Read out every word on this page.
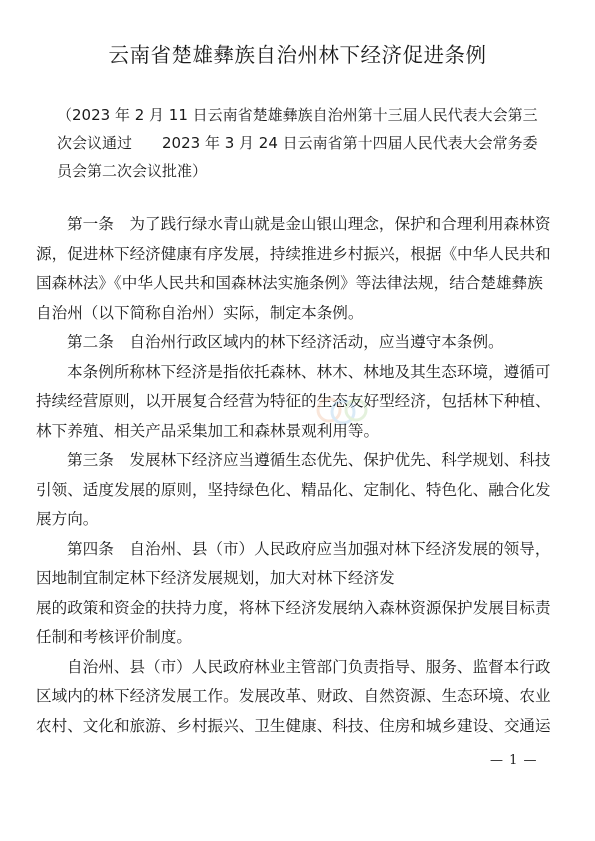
云南省楚雄彝族自治州林下经济促进条例

（2023 年 2 月 11 日云南省楚雄彝族自治州第十三届人民代表大会第三

次会议通过　　2023 年 3 月 24 日云南省第十四届人民代表大会常务委

员会第二次会议批准）

第一条　为了践行绿水青山就是金山银山理念，保护和合理利用森林资

源，促进林下经济健康有序发展，持续推进乡村振兴，根据《中华人民共和

国森林法》《中华人民共和国森林法实施条例》等法律法规，结合楚雄彝族

自治州（以下简称自治州）实际，制定本条例。

第二条　自治州行政区域内的林下经济活动，应当遵守本条例。

本条例所称林下经济是指依托森林、林木、林地及其生态环境，遵循可

持续经营原则，以开展复合经营为特征的生态友好型经济，包括林下种植、

林下养殖、相关产品采集加工和森林景观利用等。

第三条　发展林下经济应当遵循生态优先、保护优先、科学规划、科技

引领、适度发展的原则，坚持绿色化、精品化、定制化、特色化、融合化发

展方向。

第四条　自治州、县（市）人民政府应当加强对林下经济发展的领导，

因地制宜制定林下经济发展规划，加大对林下经济发

展的政策和资金的扶持力度，将林下经济发展纳入森林资源保护发展目标责

任制和考核评价制度。

自治州、县（市）人民政府林业主管部门负责指导、服务、监督本行政

区域内的林下经济发展工作。发展改革、财政、自然资源、生态环境、农业

农村、文化和旅游、乡村振兴、卫生健康、科技、住房和城乡建设、交通运

— 1 —
